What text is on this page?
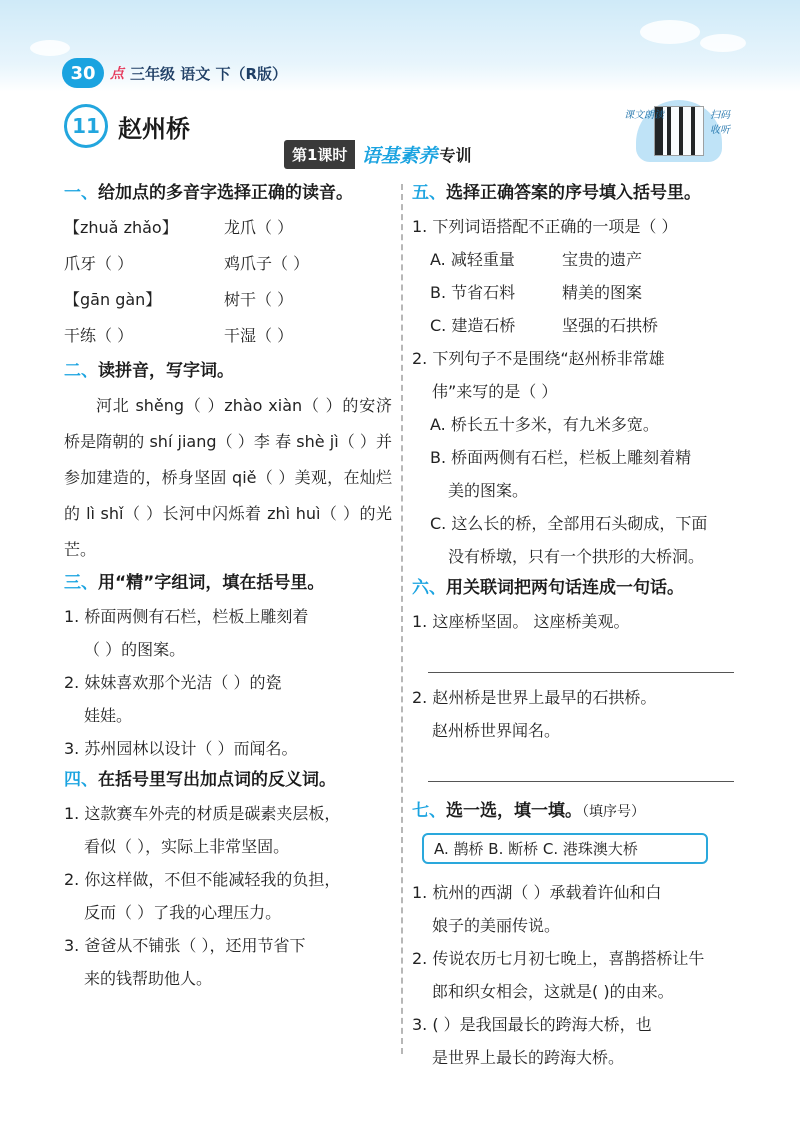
30	点 三年级 语文 下（R版）
11 赵州桥
第1课时 语基素养 专训
课文朗读	扫码收听
一、给加点的多音字选择正确的读音。
【zhuǎ zhǎo】	龙爪（ ）
爪牙（ ）	鸡爪子（ ）
【gān gàn】	树干（ ）
干练（ ）	干湿（ ）
二、读拼音，写字词。
河北 shěng（ ）zhào xiàn（ ）的安济桥是隋朝的 shí jiang（ ）李 春 shè jì（ ）并参加建造的，桥身坚固 qiě（ ）美观，在灿烂的 lì shǐ（ ）长河中闪烁着 zhì huì（ ）的光芒。
三、用“精”字组词，填在括号里。
1. 桥面两侧有石栏，栏板上雕刻着
（ ）的图案。
2. 妹妹喜欢那个光洁（ ）的瓷
娃娃。
3. 苏州园林以设计（ ）而闻名。
四、在括号里写出加点词的反义词。
1. 这款赛车外壳的材质是碳素夹层板，
看似（ ），实际上非常坚固。
2. 你这样做，不但不能减轻我的负担，
反而（ ）了我的心理压力。
3. 爸爸从不铺张（ ），还用节省下
来的钱帮助他人。
五、选择正确答案的序号填入括号里。
1. 下列词语搭配不正确的一项是（ ）
A. 减轻重量	宝贵的遗产
B. 节省石料	精美的图案
C. 建造石桥	坚强的石拱桥
2. 下列句子不是围绕“赵州桥非常雄
伟”来写的是（ ）
A. 桥长五十多米，有九米多宽。
B. 桥面两侧有石栏，栏板上雕刻着精
美的图案。
C. 这么长的桥，全部用石头砌成，下面
没有桥墩，只有一个拱形的大桥洞。
六、用关联词把两句话连成一句话。
1. 这座桥坚固。 这座桥美观。
2. 赵州桥是世界上最早的石拱桥。
赵州桥世界闻名。
七、选一选，填一填。（填序号）
A. 鹊桥 B. 断桥 C. 港珠澳大桥
1. 杭州的西湖（ ）承载着许仙和白
娘子的美丽传说。
2. 传说农历七月初七晚上，喜鹊搭桥让牛
郎和织女相会，这就是( )的由来。
3. ( ）是我国最长的跨海大桥，也
是世界上最长的跨海大桥。
